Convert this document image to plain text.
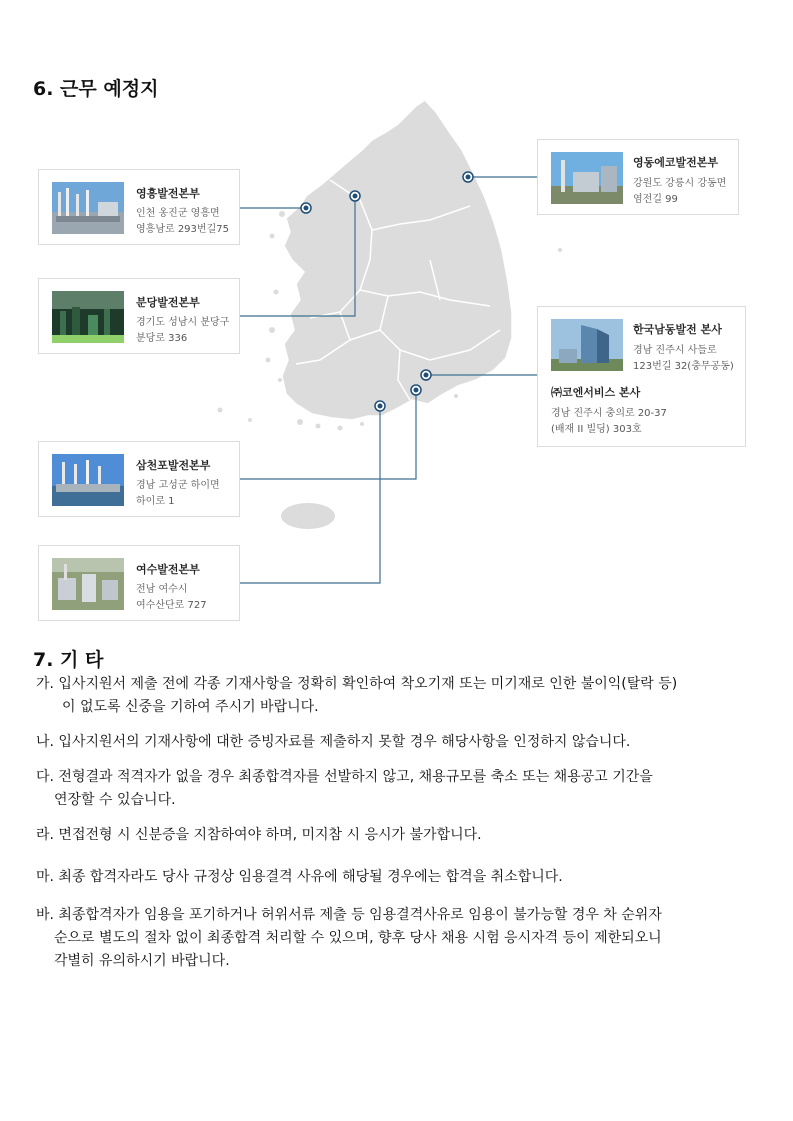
6. 근무 예정지
영흥발전본부
인천 옹진군 영흥면
영흥남로 293번길75
분당발전본부
경기도 성남시 분당구
분당로 336
삼천포발전본부
경남 고성군 하이면
하이로 1
여수발전본부
전남 여수시
여수산단로 727
영동에코발전본부
강원도 강릉시 강동면
염전길 99
한국남동발전 본사
경남 진주시 사들로
123번길 32(충무공동)
㈜코엔서비스 본사
경남 진주시 충의로 20-37
(배재 II 빌딩) 303호
7. 기 타
가. 입사지원서 제출 전에 각종 기재사항을 정확히 확인하여 착오기재 또는 미기재로 인한 불이익(탈락 등)
이 없도록 신중을 기하여 주시기 바랍니다.
나. 입사지원서의 기재사항에 대한 증빙자료를 제출하지 못할 경우 해당사항을 인정하지 않습니다.
다. 전형결과 적격자가 없을 경우 최종합격자를 선발하지 않고, 채용규모를 축소 또는 채용공고 기간을
연장할 수 있습니다.
라. 면접전형 시 신분증을 지참하여야 하며, 미지참 시 응시가 불가합니다.
마. 최종 합격자라도 당사 규정상 임용결격 사유에 해당될 경우에는 합격을 취소합니다.
바. 최종합격자가 임용을 포기하거나 허위서류 제출 등 임용결격사유로 임용이 불가능할 경우 차 순위자
순으로 별도의 절차 없이 최종합격 처리할 수 있으며, 향후 당사 채용 시험 응시자격 등이 제한되오니
각별히 유의하시기 바랍니다.
